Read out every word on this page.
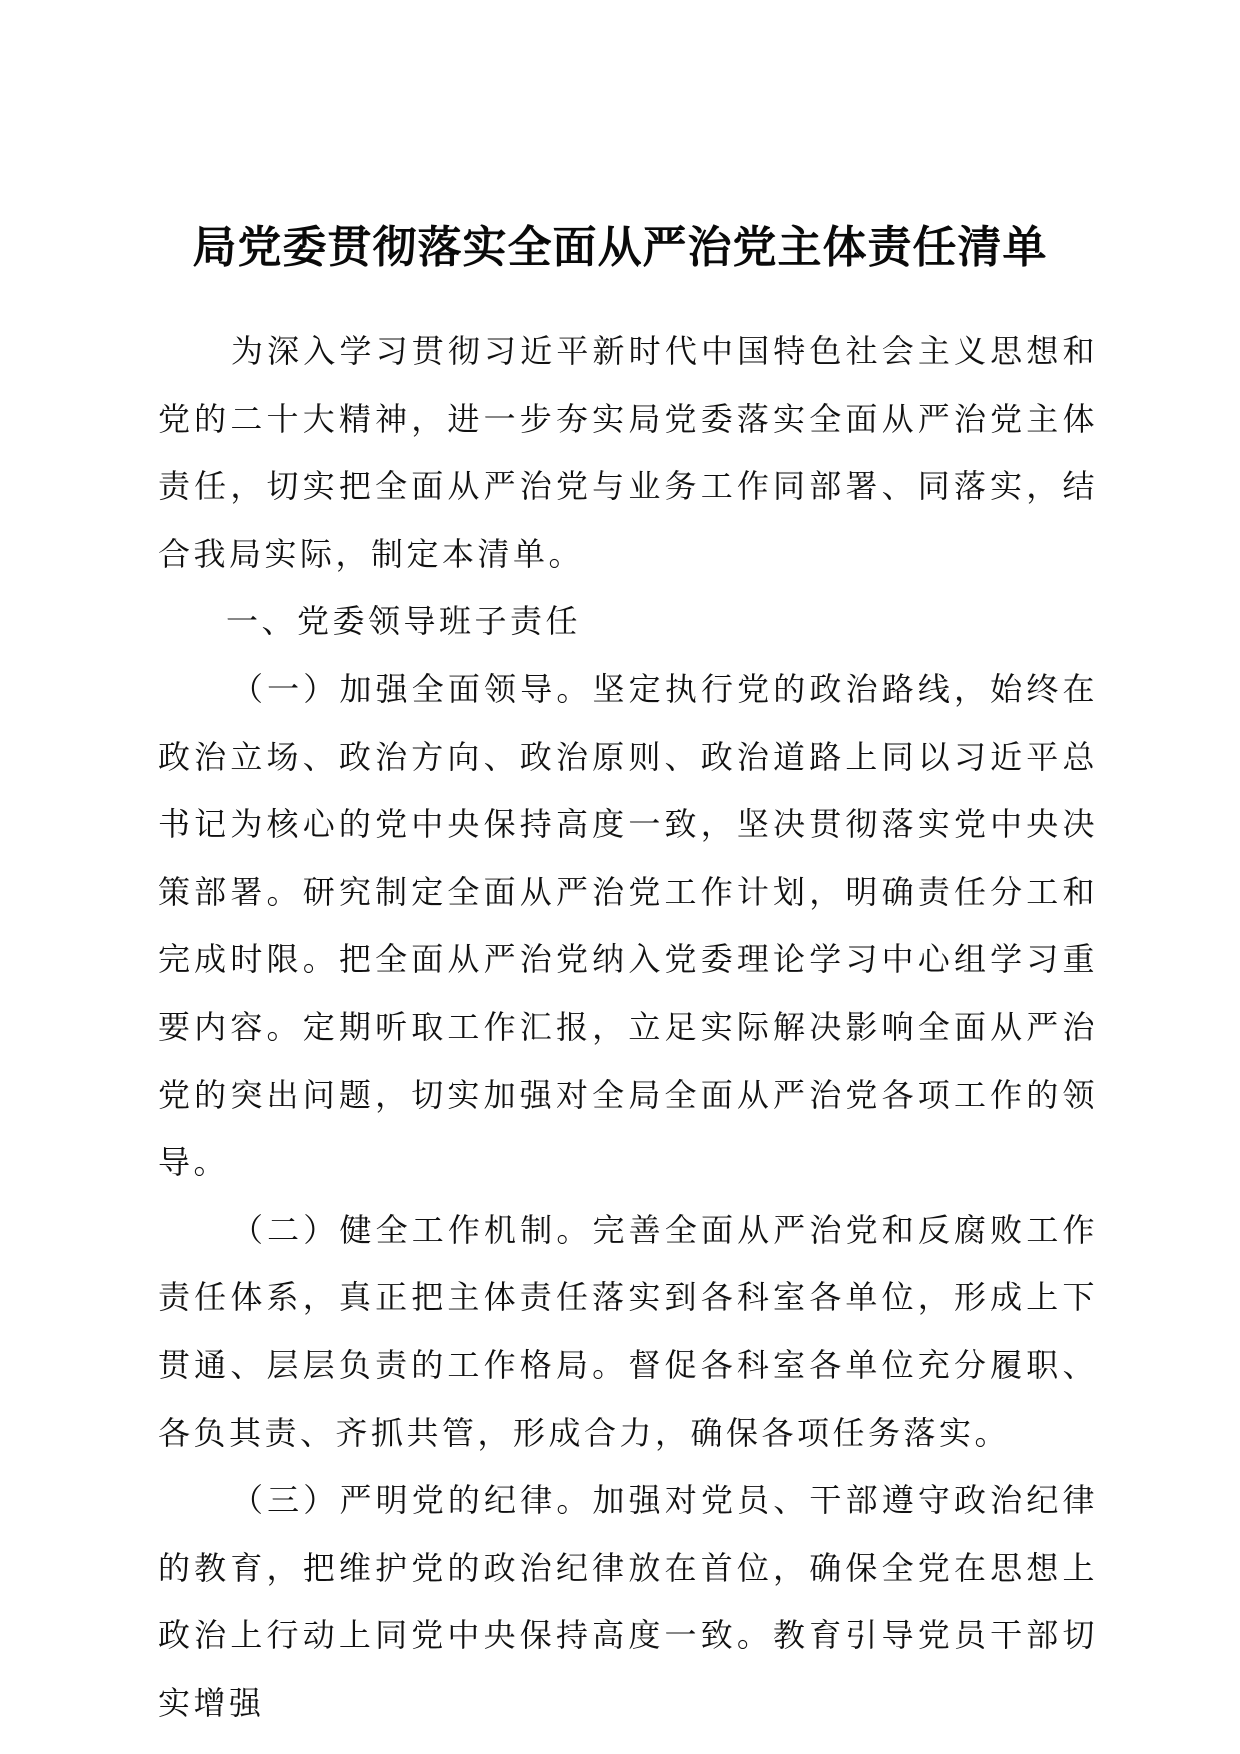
局党委贯彻落实全面从严治党主体责任清单

为深入学习贯彻习近平新时代中国特色社会主义思想和党的二十大精神，进一步夯实局党委落实全面从严治党主体责任，切实把全面从严治党与业务工作同部署、同落实，结合我局实际，制定本清单。

一、党委领导班子责任

（一）加强全面领导。坚定执行党的政治路线，始终在政治立场、政治方向、政治原则、政治道路上同以习近平总书记为核心的党中央保持高度一致，坚决贯彻落实党中央决策部署。研究制定全面从严治党工作计划，明确责任分工和完成时限。把全面从严治党纳入党委理论学习中心组学习重要内容。定期听取工作汇报，立足实际解决影响全面从严治党的突出问题，切实加强对全局全面从严治党各项工作的领导。

（二）健全工作机制。完善全面从严治党和反腐败工作责任体系，真正把主体责任落实到各科室各单位，形成上下贯通、层层负责的工作格局。督促各科室各单位充分履职、各负其责、齐抓共管，形成合力，确保各项任务落实。

（三）严明党的纪律。加强对党员、干部遵守政治纪律的教育，把维护党的政治纪律放在首位，确保全党在思想上政治上行动上同党中央保持高度一致。教育引导党员干部切实增强
